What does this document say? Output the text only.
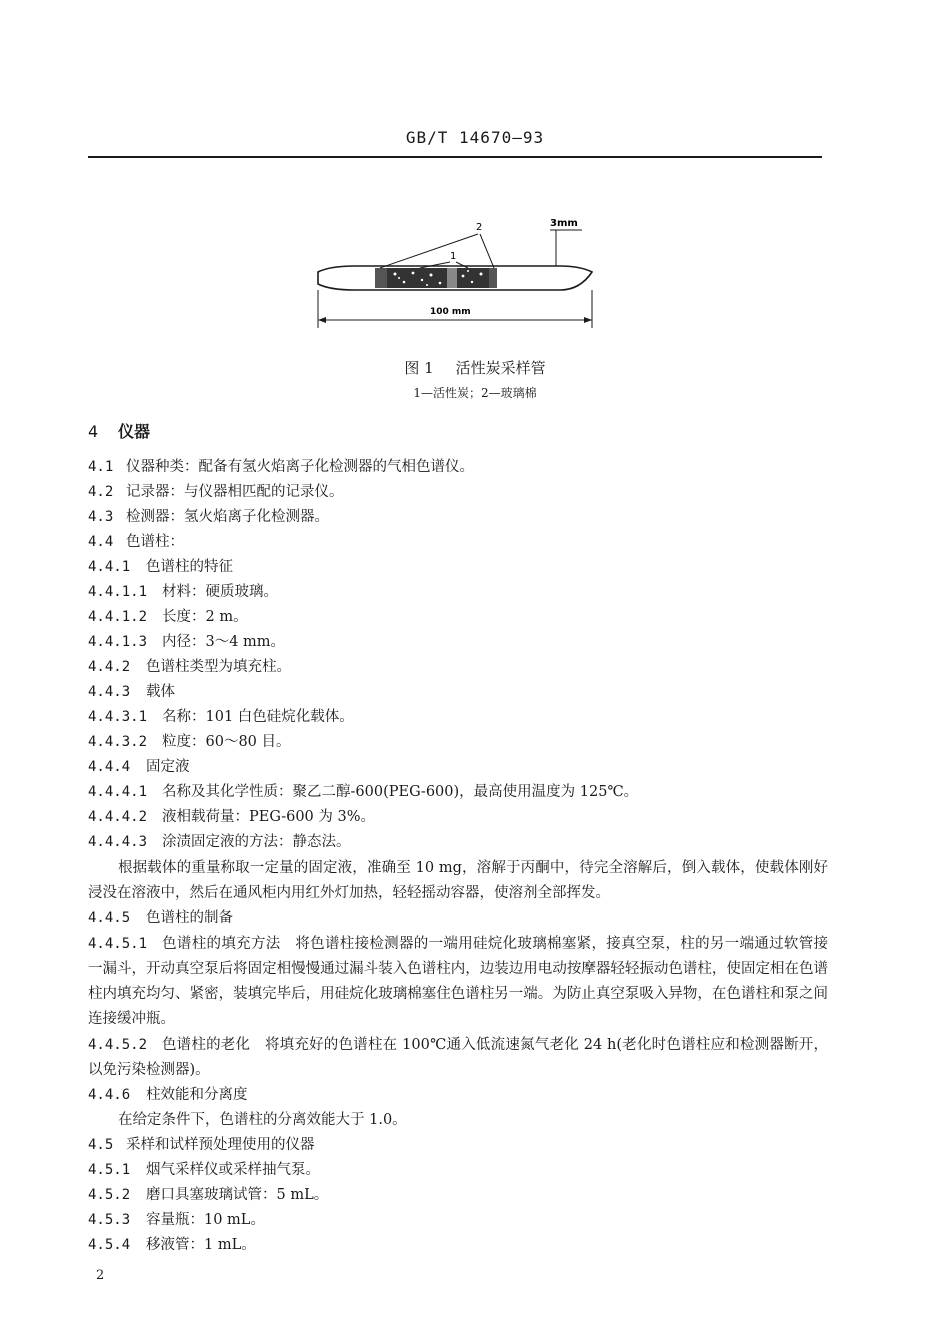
GB/T 14670—93
2
1
3mm
100 mm
图 1 活性炭采样管
1—活性炭；2—玻璃棉
4 仪器
4.1 仪器种类：配备有氢火焰离子化检测器的气相色谱仪。
4.2 记录器：与仪器相匹配的记录仪。
4.3 检测器：氢火焰离子化检测器。
4.4 色谱柱：
4.4.1 色谱柱的特征
4.4.1.1 材料：硬质玻璃。
4.4.1.2 长度：2 m。
4.4.1.3 内径：3～4 mm。
4.4.2 色谱柱类型为填充柱。
4.4.3 载体
4.4.3.1 名称：101 白色硅烷化载体。
4.4.3.2 粒度：60～80 目。
4.4.4 固定液
4.4.4.1 名称及其化学性质：聚乙二醇-600(PEG-600)，最高使用温度为 125℃。
4.4.4.2 液相载荷量：PEG-600 为 3%。
4.4.4.3 涂渍固定液的方法：静态法。
根据载体的重量称取一定量的固定液，准确至 10 mg，溶解于丙酮中，待完全溶解后，倒入载体，使载体刚好浸没在溶液中，然后在通风柜内用红外灯加热，轻轻摇动容器，使溶剂全部挥发。
4.4.5 色谱柱的制备
4.4.5.1　 色谱柱的填充方法　将色谱柱接检测器的一端用硅烷化玻璃棉塞紧，接真空泵，柱的另一端通过软管接一漏斗，开动真空泵后将固定相慢慢通过漏斗装入色谱柱内，边装边用电动按摩器轻轻振动色谱柱，使固定相在色谱柱内填充均匀、紧密，装填完毕后，用硅烷化玻璃棉塞住色谱柱另一端。为防止真空泵吸入异物，在色谱柱和泵之间连接缓冲瓶。
4.4.5.2　 色谱柱的老化　将填充好的色谱柱在 100℃通入低流速氮气老化 24 h(老化时色谱柱应和检测器断开，以免污染检测器)。
4.4.6 柱效能和分离度
在给定条件下，色谱柱的分离效能大于 1.0。
4.5 采样和试样预处理使用的仪器
4.5.1 烟气采样仪或采样抽气泵。
4.5.2 磨口具塞玻璃试管：5 mL。
4.5.3 容量瓶：10 mL。
4.5.4 移液管：1 mL。
2
